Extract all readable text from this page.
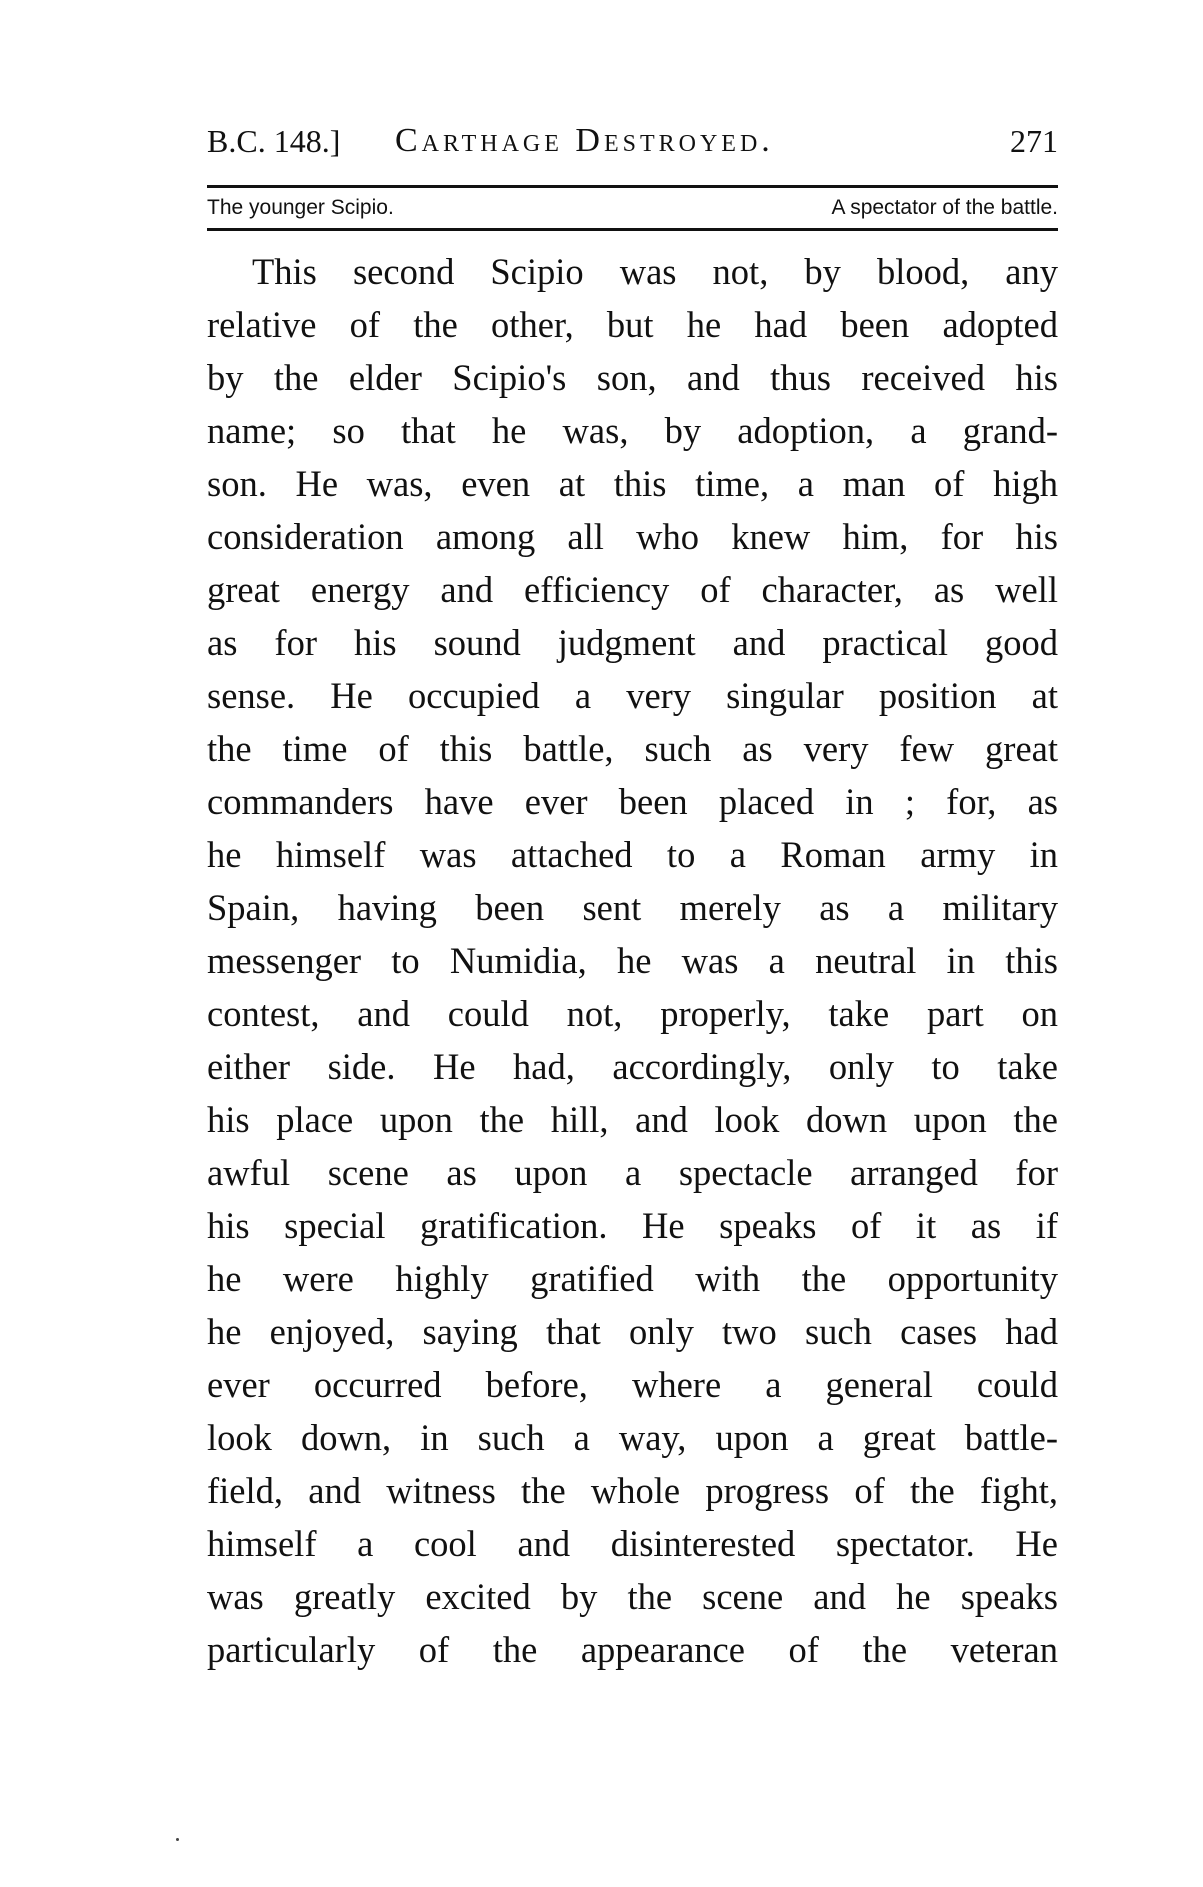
B.C. 148.] Carthage Destroyed.	271
The younger Scipio.	A spectator of the battle.
This second Scipio was not, by blood, any
relative of the other, but he had been adopted
by the elder Scipio's son, and thus received his
name; so that he was, by adoption, a grand-
son. He was, even at this time, a man of high
consideration among all who knew him, for his
great energy and efficiency of character, as well
as for his sound judgment and practical good
sense. He occupied a very singular position at
the time of this battle, such as very few great
commanders have ever been placed in ; for, as
he himself was attached to a Roman army in
Spain, having been sent merely as a military
messenger to Numidia, he was a neutral in this
contest, and could not, properly, take part on
either side. He had, accordingly, only to take
his place upon the hill, and look down upon the
awful scene as upon a spectacle arranged for
his special gratification. He speaks of it as if
he were highly gratified with the opportunity
he enjoyed, saying that only two such cases had
ever occurred before, where a general could
look down, in such a way, upon a great battle-
field, and witness the whole progress of the fight,
himself a cool and disinterested spectator. He
was greatly excited by the scene and he speaks
particularly of the appearance of the veteran
